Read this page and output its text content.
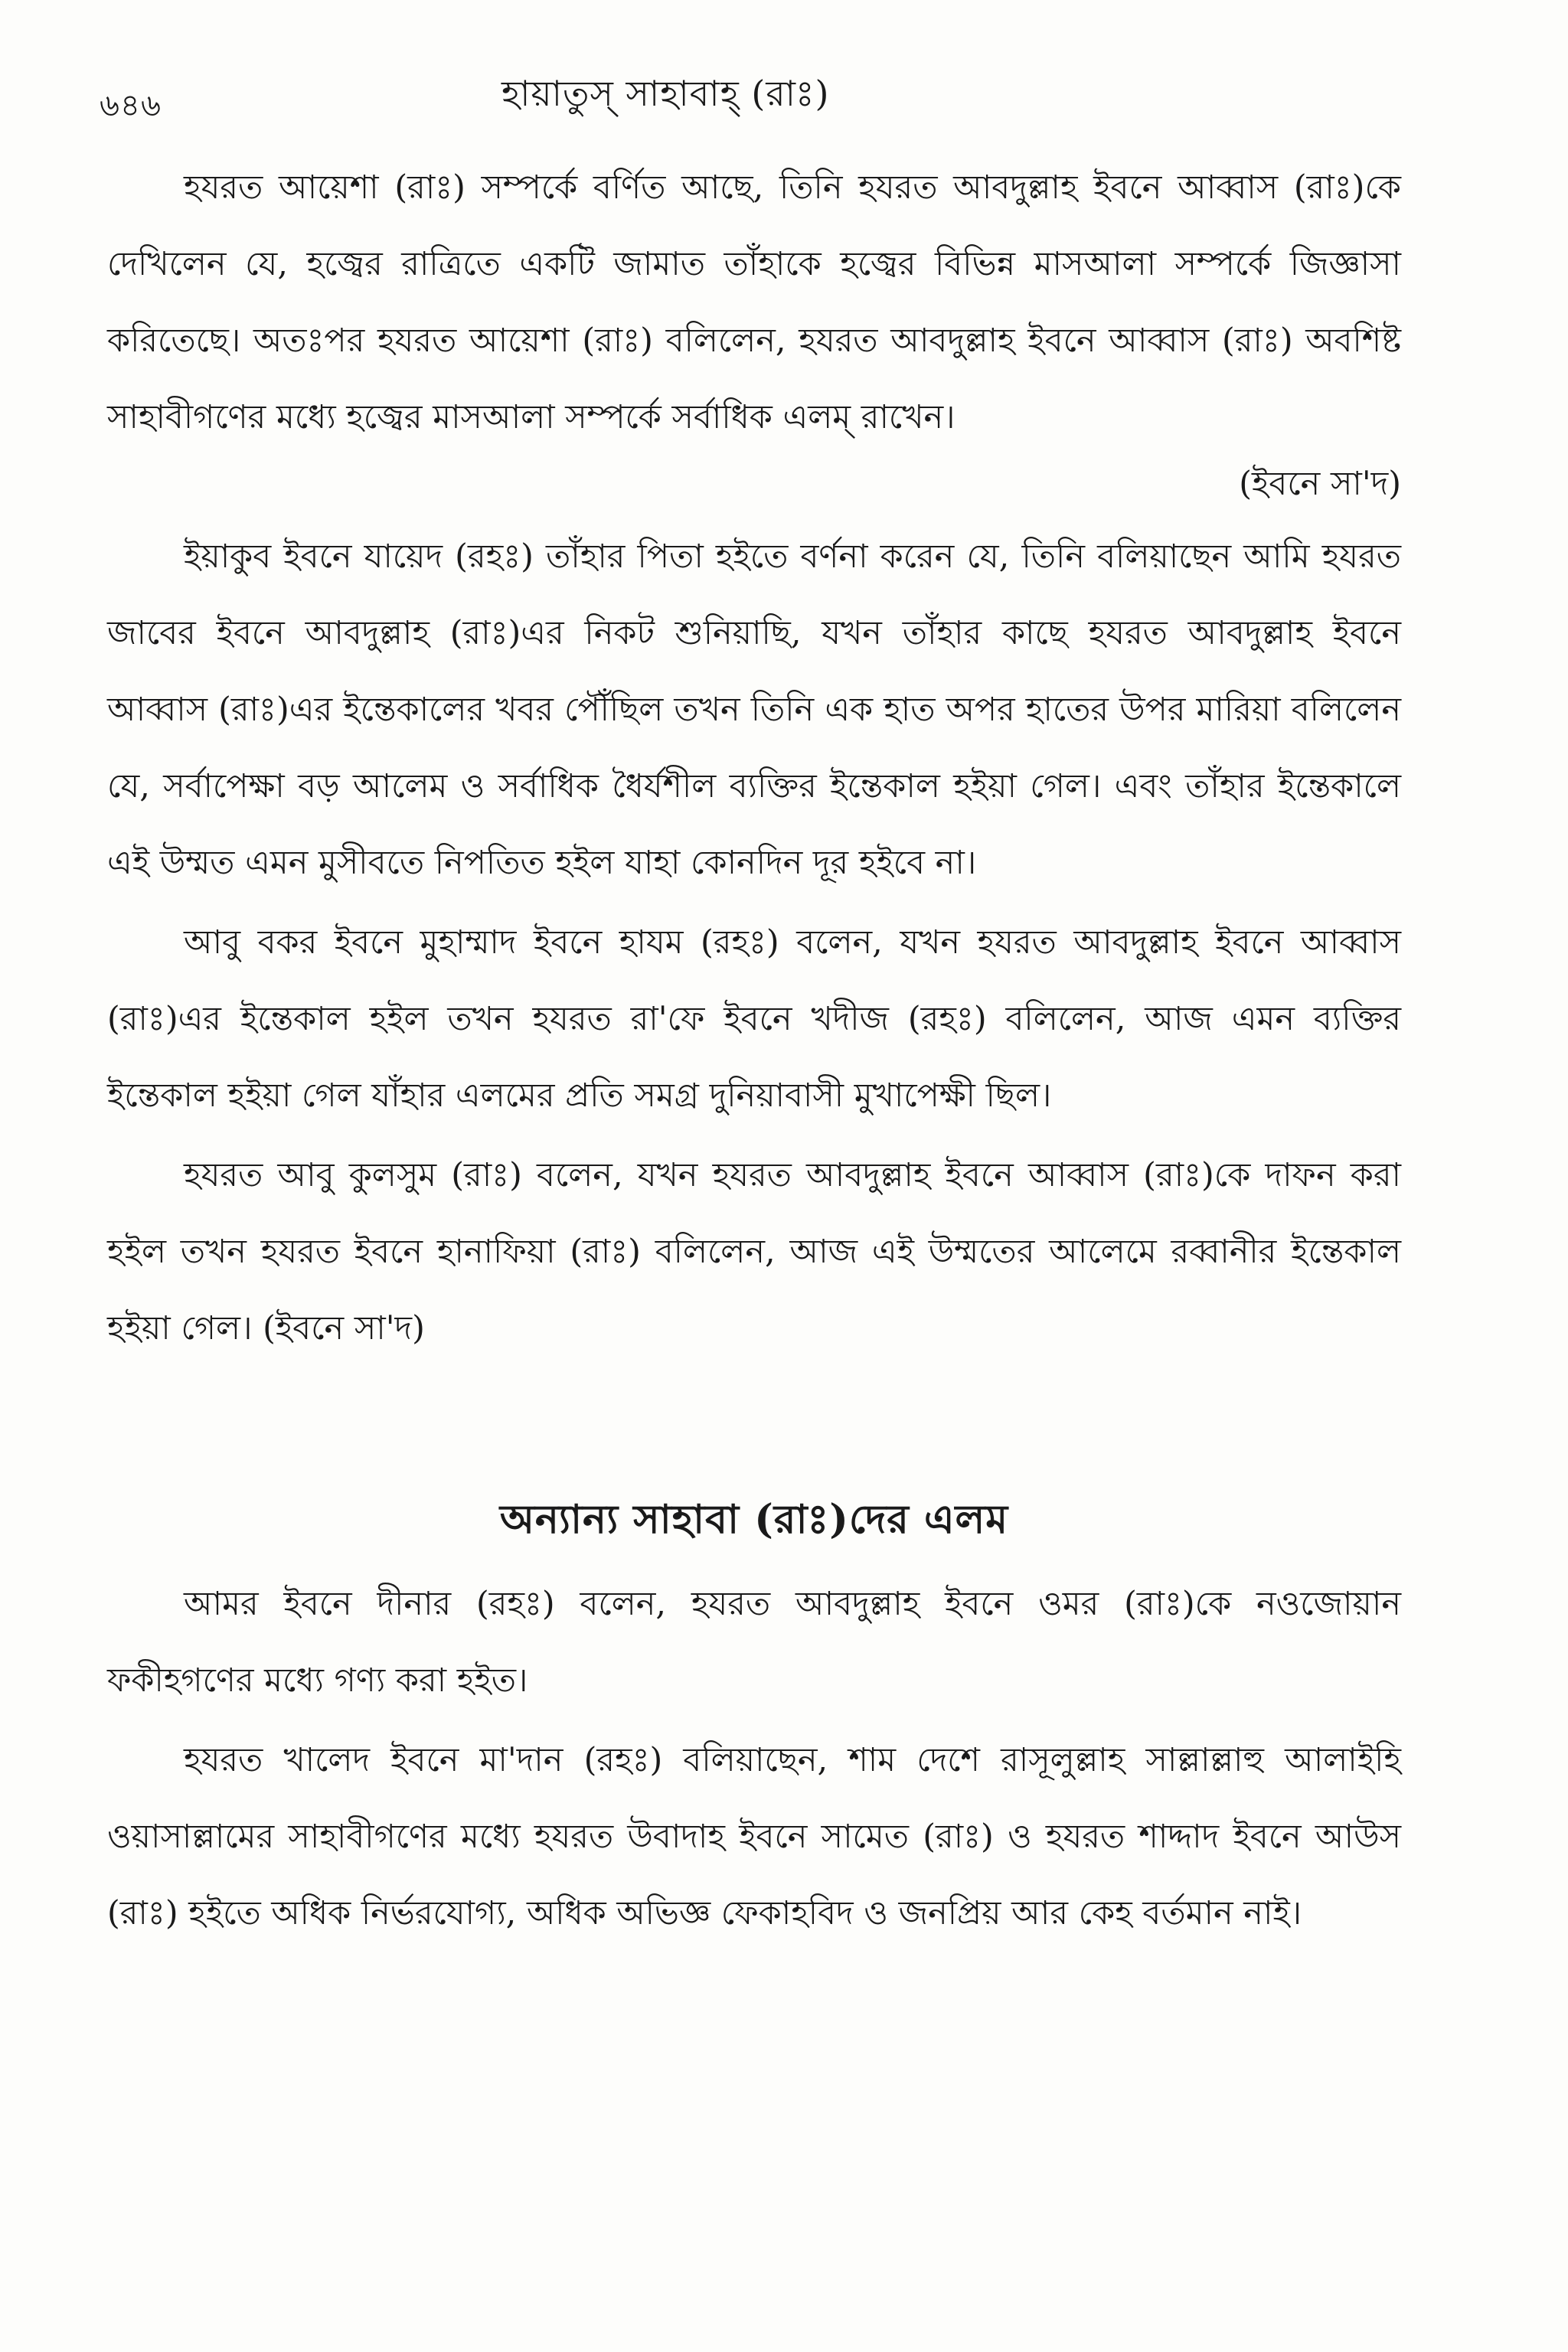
৬৪৬	হায়াতুস্ সাহাবাহ্ (রাঃ)

হযরত আয়েশা (রাঃ) সম্পর্কে বর্ণিত আছে, তিনি হযরত আবদুল্লাহ ইবনে আব্বাস (রাঃ)কে দেখিলেন যে, হজ্বের রাত্রিতে একটি জামাত তাঁহাকে হজ্বের বিভিন্ন মাসআলা সম্পর্কে জিজ্ঞাসা করিতেছে। অতঃপর হযরত আয়েশা (রাঃ) বলিলেন, হযরত আবদুল্লাহ ইবনে আব্বাস (রাঃ) অবশিষ্ট সাহাবীগণের মধ্যে হজ্বের মাসআলা সম্পর্কে সর্বাধিক এলম্ রাখেন।

(ইবনে সা'দ)

ইয়াকুব ইবনে যায়েদ (রহঃ) তাঁহার পিতা হইতে বর্ণনা করেন যে, তিনি বলিয়াছেন আমি হযরত জাবের ইবনে আবদুল্লাহ (রাঃ)এর নিকট শুনিয়াছি, যখন তাঁহার কাছে হযরত আবদুল্লাহ ইবনে আব্বাস (রাঃ)এর ইন্তেকালের খবর পৌঁছিল তখন তিনি এক হাত অপর হাতের উপর মারিয়া বলিলেন যে, সর্বাপেক্ষা বড় আলেম ও সর্বাধিক ধৈর্যশীল ব্যক্তির ইন্তেকাল হইয়া গেল। এবং তাঁহার ইন্তেকালে এই উম্মত এমন মুসীবতে নিপতিত হইল যাহা কোনদিন দূর হইবে না।

আবু বকর ইবনে মুহাম্মাদ ইবনে হাযম (রহঃ) বলেন, যখন হযরত আবদুল্লাহ ইবনে আব্বাস (রাঃ)এর ইন্তেকাল হইল তখন হযরত রা'ফে ইবনে খদীজ (রহঃ) বলিলেন, আজ এমন ব্যক্তির ইন্তেকাল হইয়া গেল যাঁহার এলমের প্রতি সমগ্র দুনিয়াবাসী মুখাপেক্ষী ছিল।

হযরত আবু কুলসুম (রাঃ) বলেন, যখন হযরত আবদুল্লাহ ইবনে আব্বাস (রাঃ)কে দাফন করা হইল তখন হযরত ইবনে হানাফিয়া (রাঃ) বলিলেন, আজ এই উম্মতের আলেমে রব্বানীর ইন্তেকাল হইয়া গেল। (ইবনে সা'দ)

অন্যান্য সাহাবা (রাঃ)দের এলম

আমর ইবনে দীনার (রহঃ) বলেন, হযরত আবদুল্লাহ ইবনে ওমর (রাঃ)কে নওজোয়ান ফকীহগণের মধ্যে গণ্য করা হইত।

হযরত খালেদ ইবনে মা'দান (রহঃ) বলিয়াছেন, শাম দেশে রাসূলুল্লাহ সাল্লাল্লাহু আলাইহি ওয়াসাল্লামের সাহাবীগণের মধ্যে হযরত উবাদাহ ইবনে সামেত (রাঃ) ও হযরত শাদ্দাদ ইবনে আউস (রাঃ) হইতে অধিক নির্ভরযোগ্য, অধিক অভিজ্ঞ ফেকাহবিদ ও জনপ্রিয় আর কেহ বর্তমান নাই।
